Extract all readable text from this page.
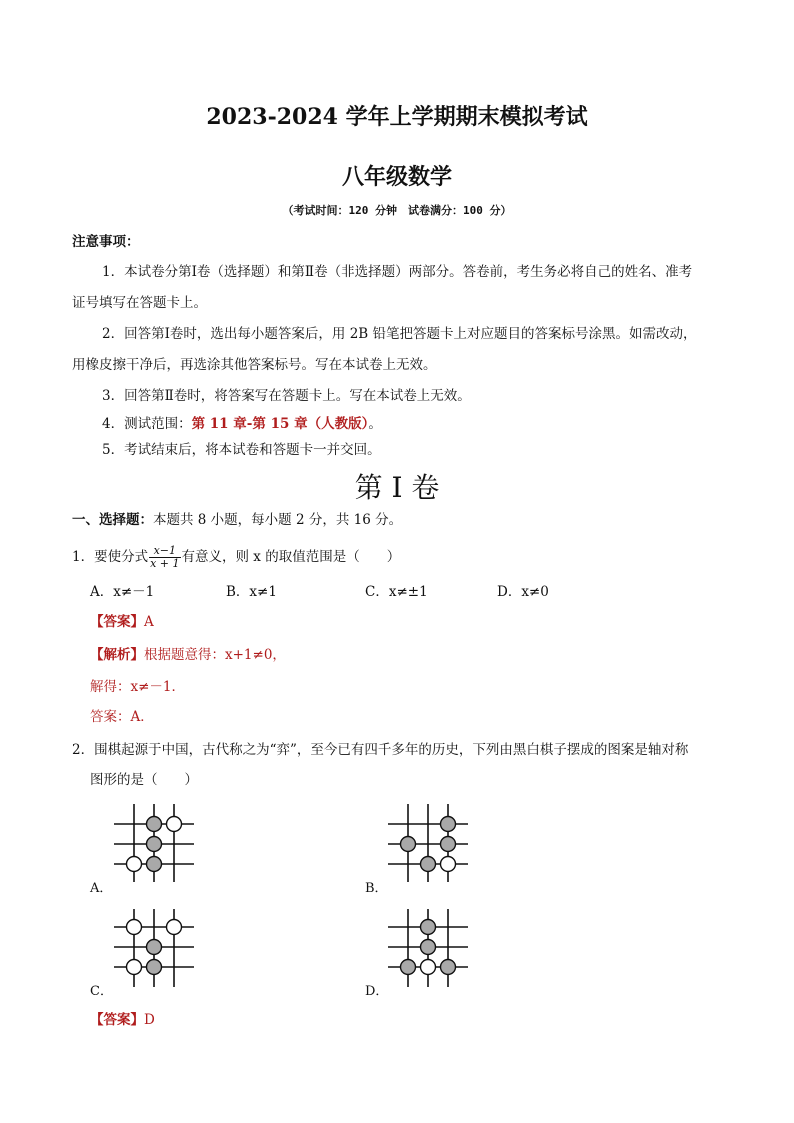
2023-2024 学年上学期期末模拟考试
八年级数学
（考试时间：120 分钟　试卷满分：100 分）
注意事项：
1．本试卷分第Ⅰ卷（选择题）和第Ⅱ卷（非选择题）两部分。答卷前，考生务必将自己的姓名、准考
证号填写在答题卡上。
2．回答第Ⅰ卷时，选出每小题答案后，用 2B 铅笔把答题卡上对应题目的答案标号涂黑。如需改动，
用橡皮擦干净后，再选涂其他答案标号。写在本试卷上无效。
3．回答第Ⅱ卷时，将答案写在答题卡上。写在本试卷上无效。
4．测试范围：第 11 章-第 15 章（人教版）。
5．考试结束后，将本试卷和答题卡一并交回。
第 I 卷
一、选择题：本题共 8 小题，每小题 2 分，共 16 分。
1．要使分式 $\frac{x-1}{x + 1}$ 有意义，则 x 的取值范围是（　　）
A．x≠－1	B．x≠1	C．x≠±1	D．x≠0
【答案】A
【解析】根据题意得：x+1≠0，
解得：x≠－1．
答案：A．
2．围棋起源于中国，古代称之为“弈”，至今已有四千多年的历史，下列由黑白棋子摆成的图案是轴对称
图形的是（　　）
A．	B．
C．	D．
【答案】D
